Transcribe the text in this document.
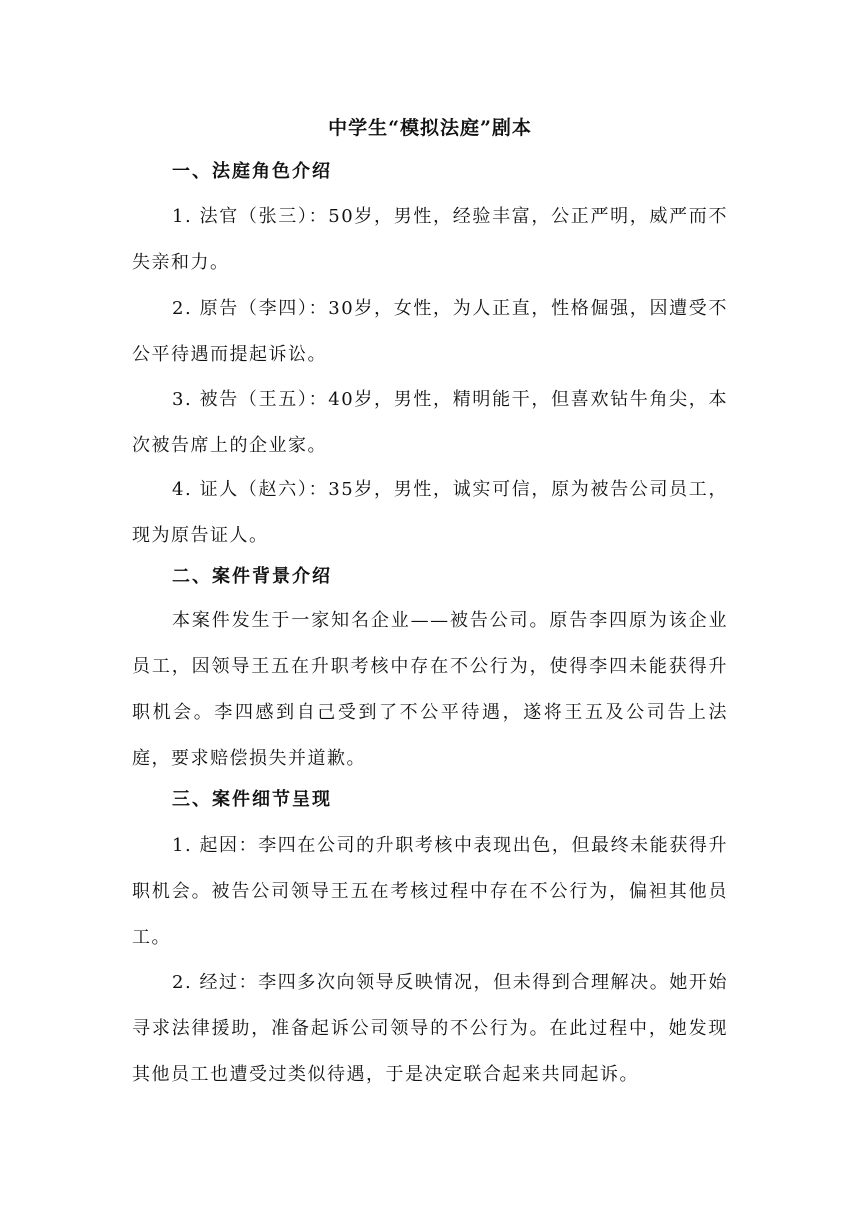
中学生“模拟法庭”剧本
一、法庭角色介绍
1. 法官（张三）：50岁，男性，经验丰富，公正严明，威严而不失亲和力。
2. 原告（李四）：30岁，女性，为人正直，性格倔强，因遭受不公平待遇而提起诉讼。
3. 被告（王五）：40岁，男性，精明能干，但喜欢钻牛角尖，本次被告席上的企业家。
4. 证人（赵六）：35岁，男性，诚实可信，原为被告公司员工，现为原告证人。
二、案件背景介绍
本案件发生于一家知名企业——被告公司。原告李四原为该企业员工，因领导王五在升职考核中存在不公行为，使得李四未能获得升职机会。李四感到自己受到了不公平待遇，遂将王五及公司告上法庭，要求赔偿损失并道歉。
三、案件细节呈现
1. 起因：李四在公司的升职考核中表现出色，但最终未能获得升职机会。被告公司领导王五在考核过程中存在不公行为，偏袒其他员工。
2. 经过：李四多次向领导反映情况，但未得到合理解决。她开始寻求法律援助，准备起诉公司领导的不公行为。在此过程中，她发现其他员工也遭受过类似待遇，于是决定联合起来共同起诉。
